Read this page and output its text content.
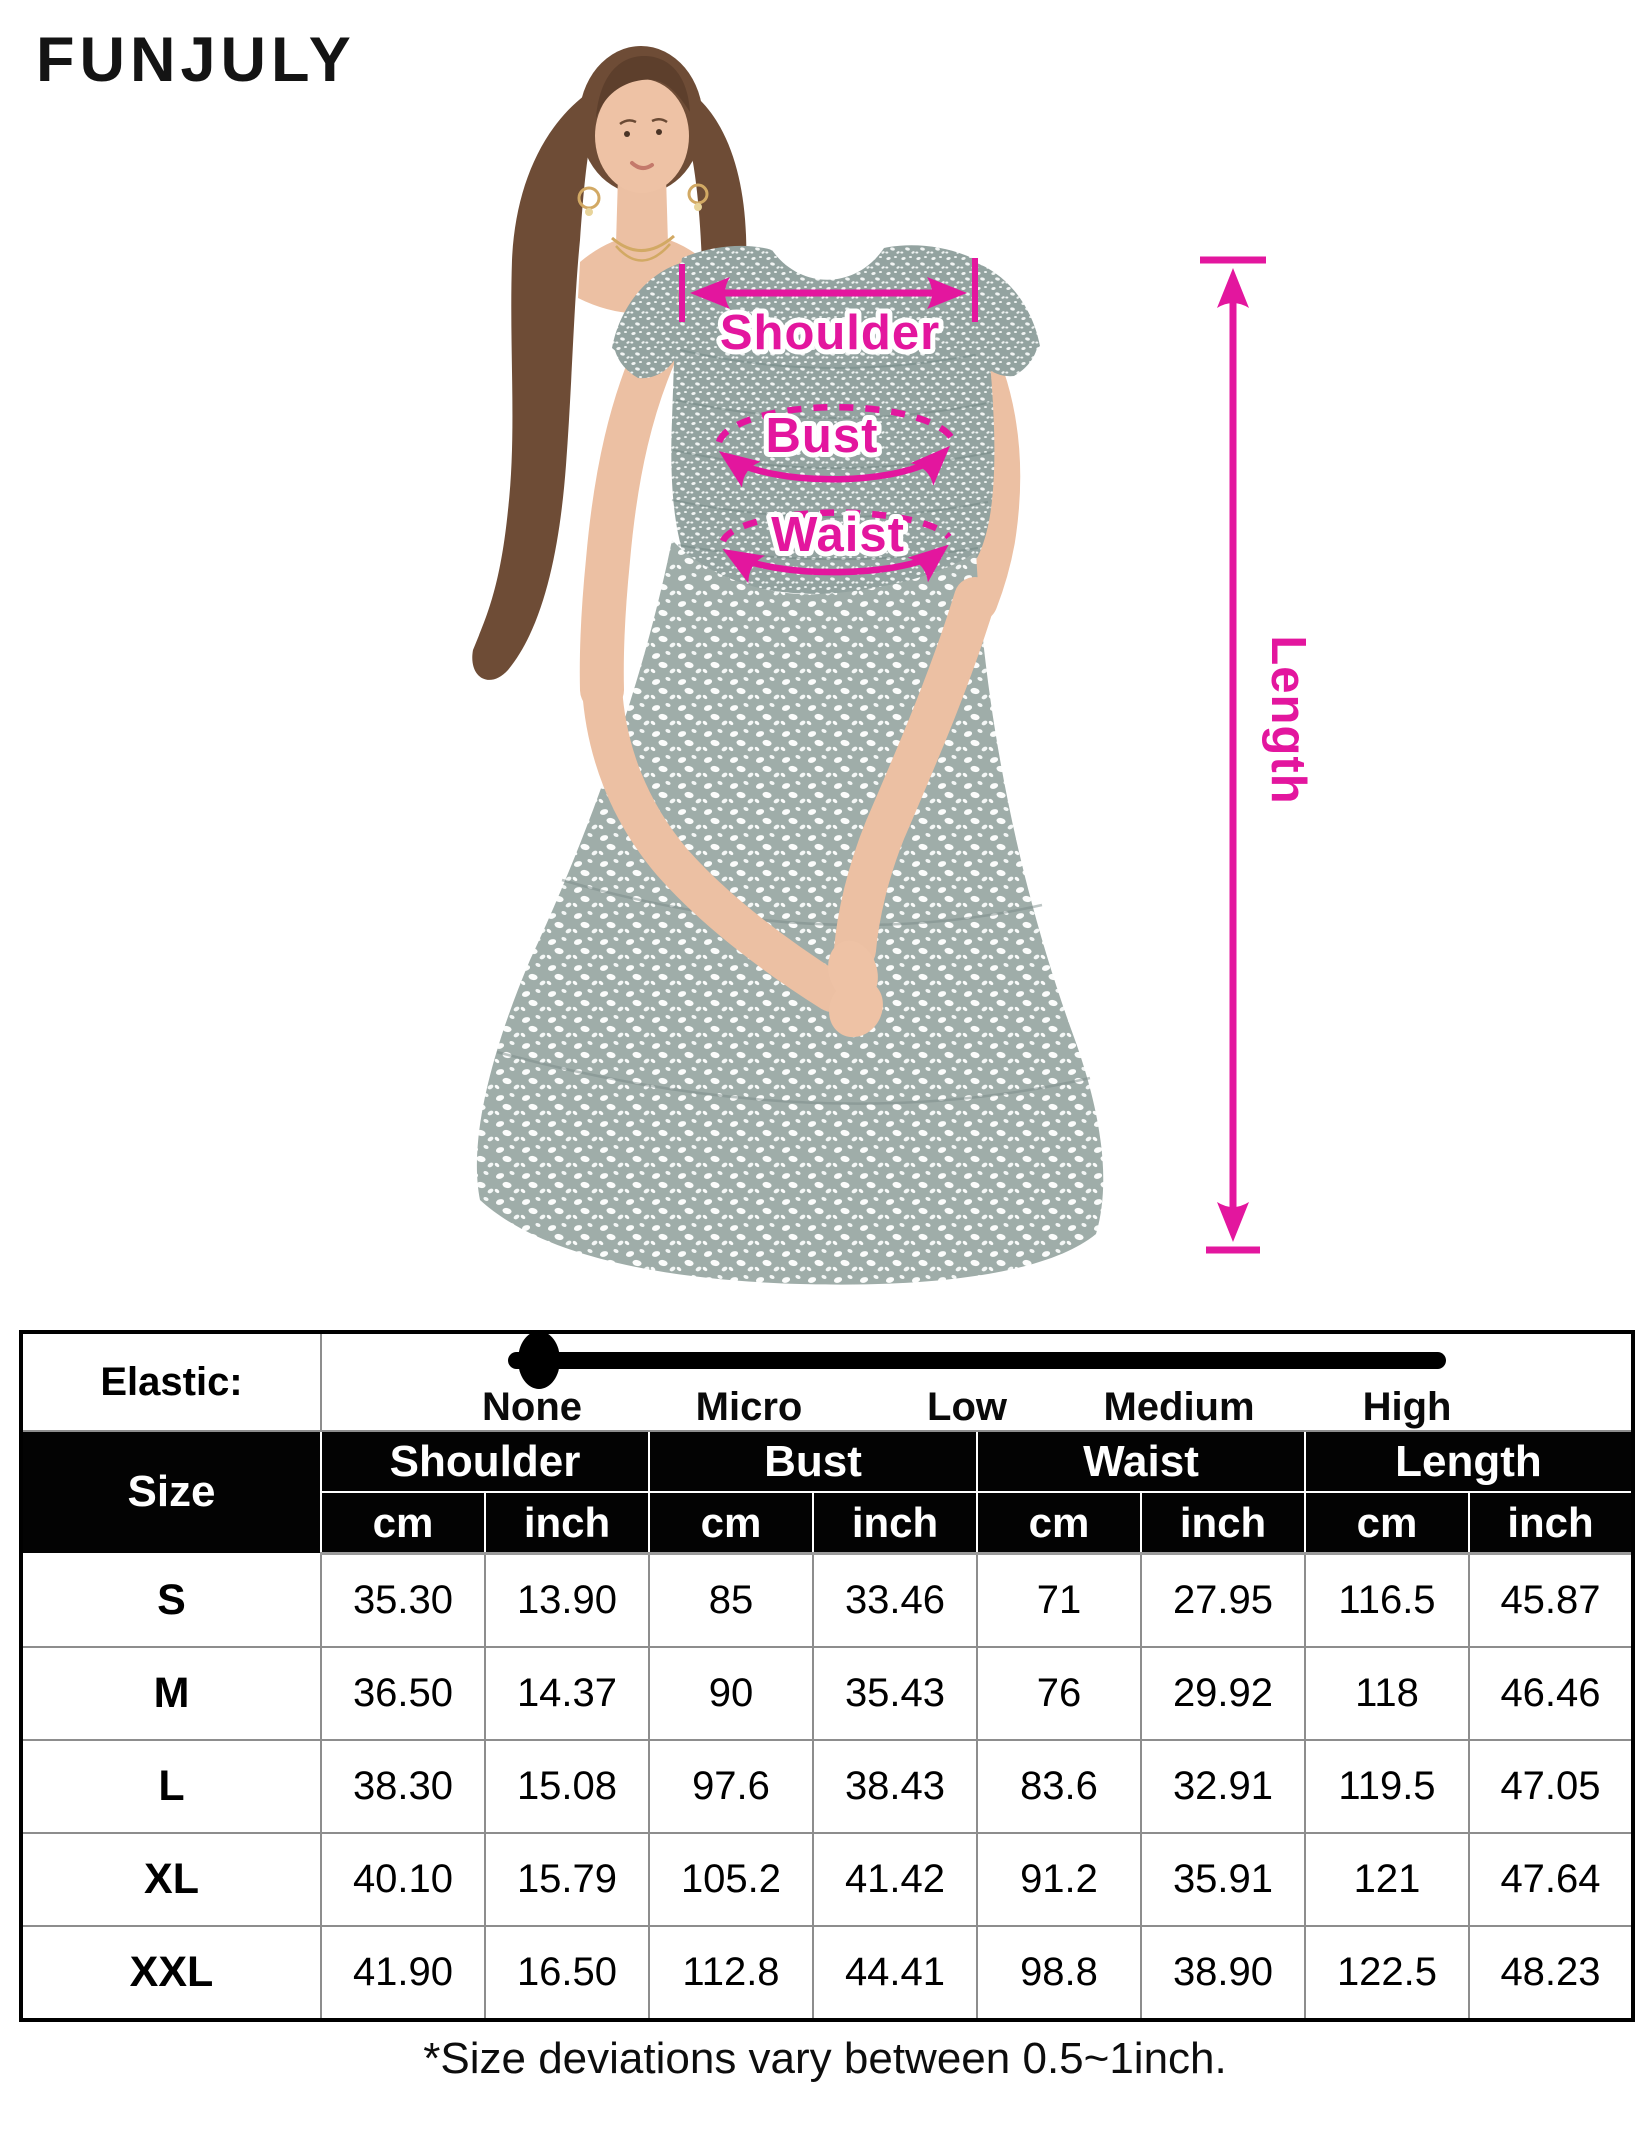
FUNJULY
Shoulder
Bust
Waist
Length
Elastic:	None Micro Low Medium High							

Size	Shoulder		Bust		Waist		Length	
	cm	inch	cm	inch	cm	inch	cm	inch
S	35.30	13.90	85	33.46	71	27.95	116.5	45.87
M	36.50	14.37	90	35.43	76	29.92	118	46.46
L	38.30	15.08	97.6	38.43	83.6	32.91	119.5	47.05
XL	40.10	15.79	105.2	41.42	91.2	35.91	121	47.64
XXL	41.90	16.50	112.8	44.41	98.8	38.90	122.5	48.23
*Size deviations vary between 0.5~1inch.
